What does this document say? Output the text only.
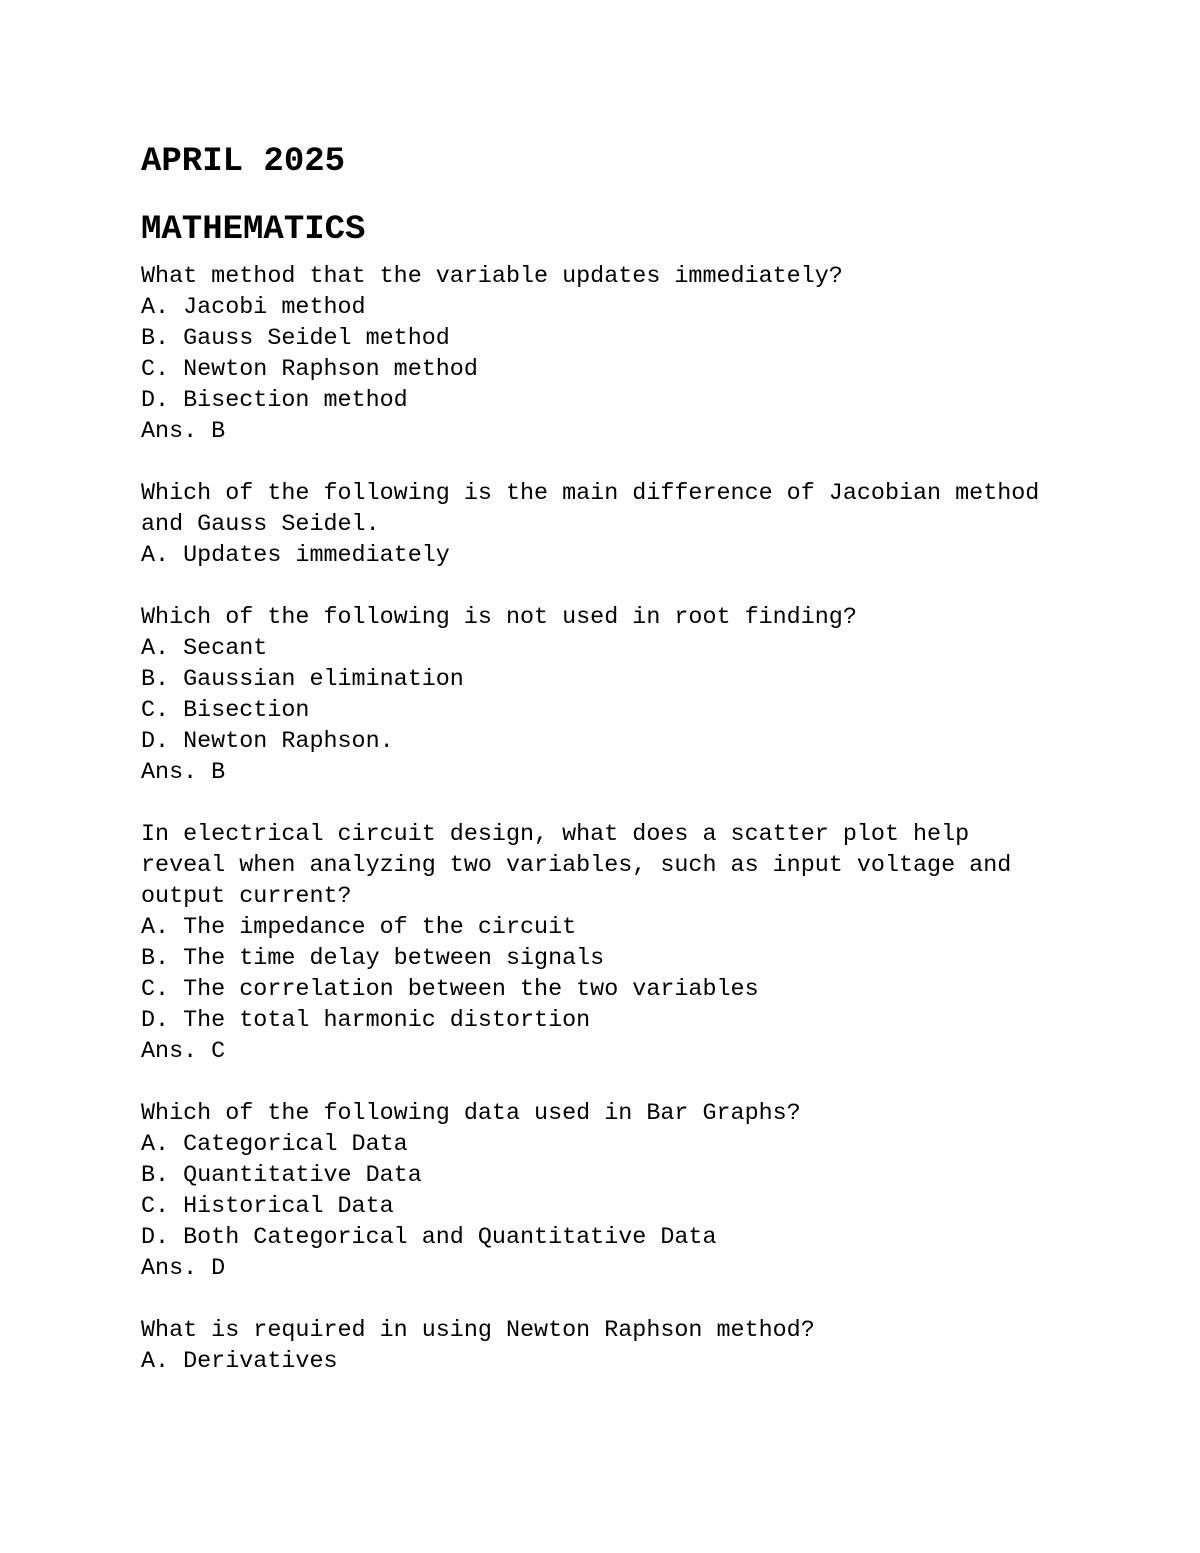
APRIL 2025
MATHEMATICS
What method that the variable updates immediately?
A. Jacobi method
B. Gauss Seidel method
C. Newton Raphson method
D. Bisection method
Ans. B
Which of the following is the main difference of Jacobian method
and Gauss Seidel.
A. Updates immediately
Which of the following is not used in root finding?
A. Secant
B. Gaussian elimination
C. Bisection
D. Newton Raphson.
Ans. B
In electrical circuit design, what does a scatter plot help
reveal when analyzing two variables, such as input voltage and
output current?
A. The impedance of the circuit
B. The time delay between signals
C. The correlation between the two variables
D. The total harmonic distortion
Ans. C
Which of the following data used in Bar Graphs?
A. Categorical Data
B. Quantitative Data
C. Historical Data
D. Both Categorical and Quantitative Data
Ans. D
What is required in using Newton Raphson method?
A. Derivatives
